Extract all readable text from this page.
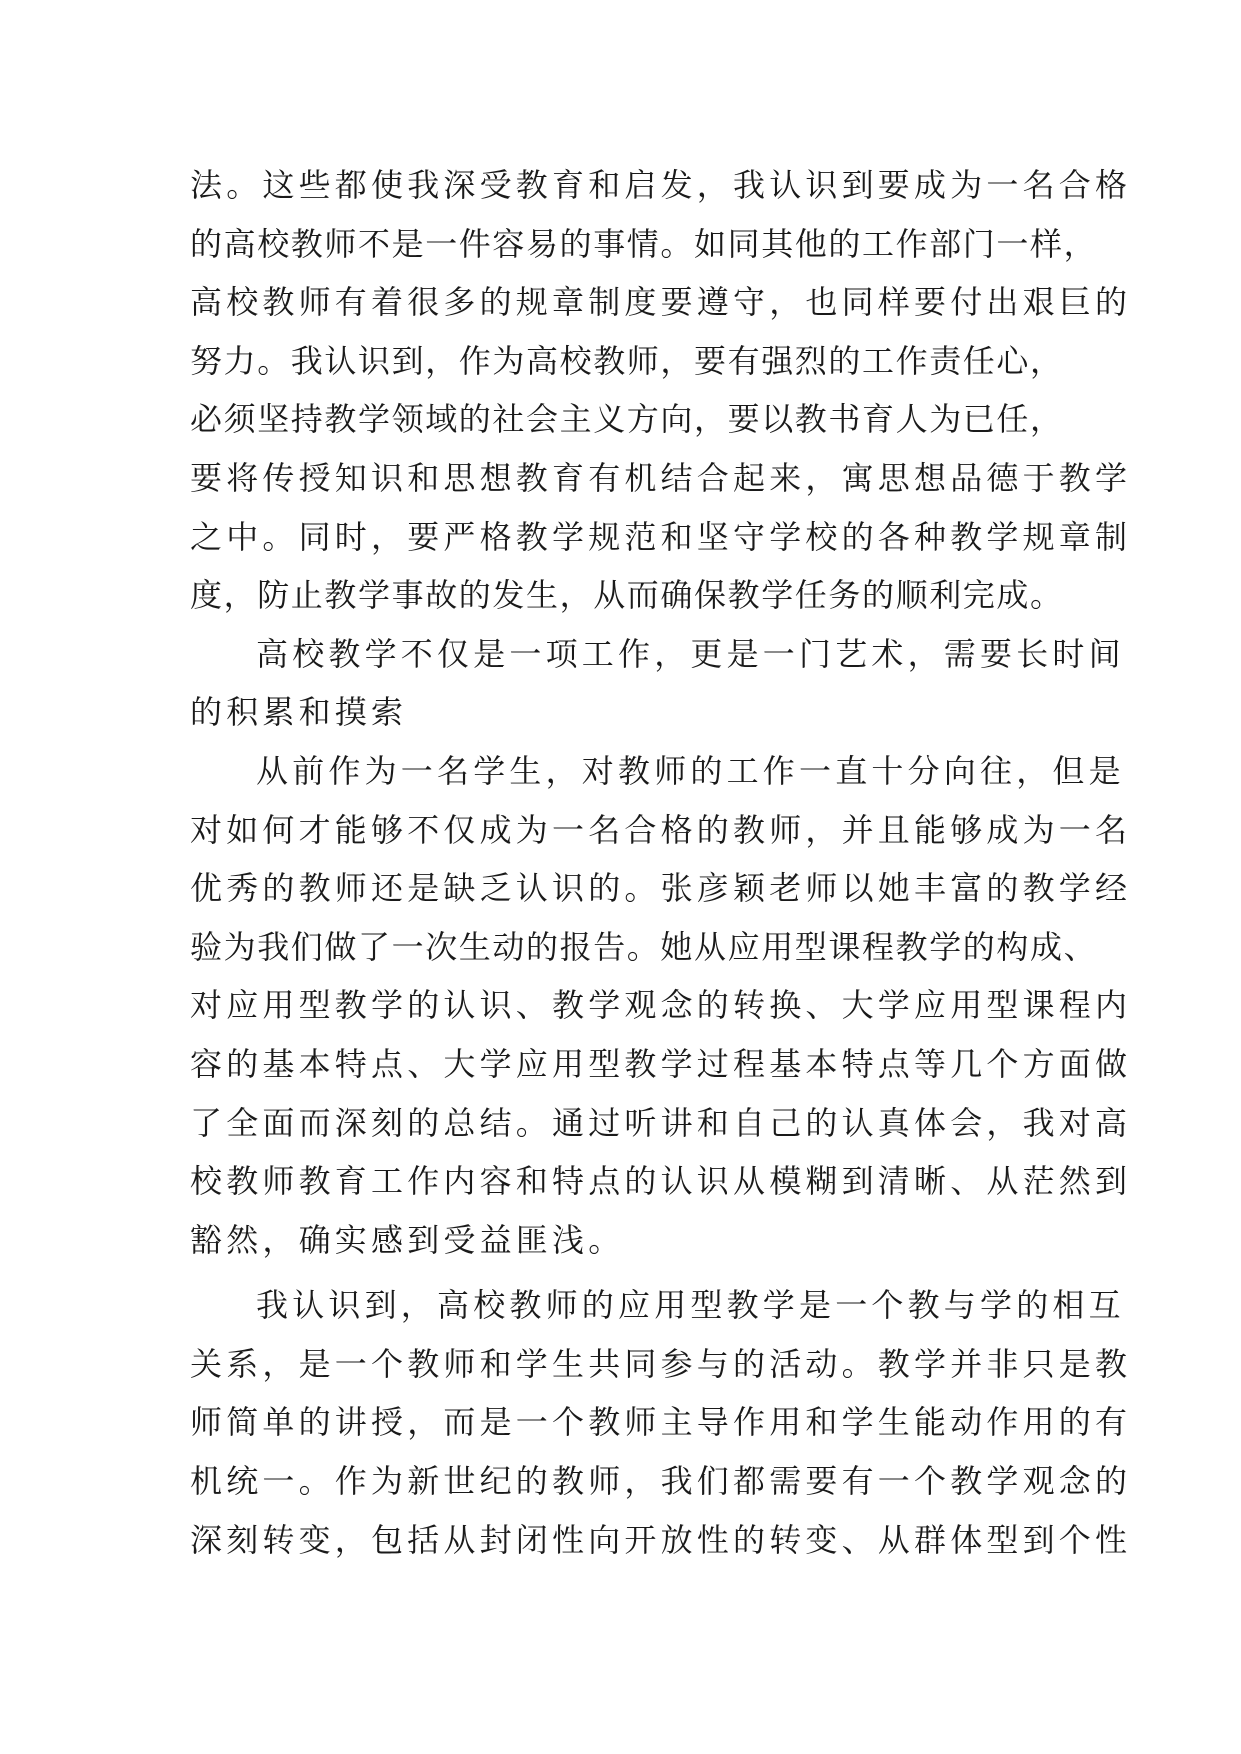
法。这些都使我深受教育和启发，我认识到要成为一名合格
的高校教师不是一件容易的事情。如同其他的工作部门一样，
高校教师有着很多的规章制度要遵守，也同样要付出艰巨的
努力。我认识到，作为高校教师，要有强烈的工作责任心，
必须坚持教学领域的社会主义方向，要以教书育人为已任，
要将传授知识和思想教育有机结合起来，寓思想品德于教学
之中。同时，要严格教学规范和坚守学校的各种教学规章制
度，防止教学事故的发生，从而确保教学任务的顺利完成。
高校教学不仅是一项工作，更是一门艺术，需要长时间
的积累和摸索
从前作为一名学生，对教师的工作一直十分向往，但是
对如何才能够不仅成为一名合格的教师，并且能够成为一名
优秀的教师还是缺乏认识的。张彦颖老师以她丰富的教学经
验为我们做了一次生动的报告。她从应用型课程教学的构成、
对应用型教学的认识、教学观念的转换、大学应用型课程内
容的基本特点、大学应用型教学过程基本特点等几个方面做
了全面而深刻的总结。通过听讲和自己的认真体会，我对高
校教师教育工作内容和特点的认识从模糊到清晰、从茫然到
豁然，确实感到受益匪浅。
我认识到，高校教师的应用型教学是一个教与学的相互
关系，是一个教师和学生共同参与的活动。教学并非只是教
师简单的讲授，而是一个教师主导作用和学生能动作用的有
机统一。作为新世纪的教师，我们都需要有一个教学观念的
深刻转变，包括从封闭性向开放性的转变、从群体型到个性
